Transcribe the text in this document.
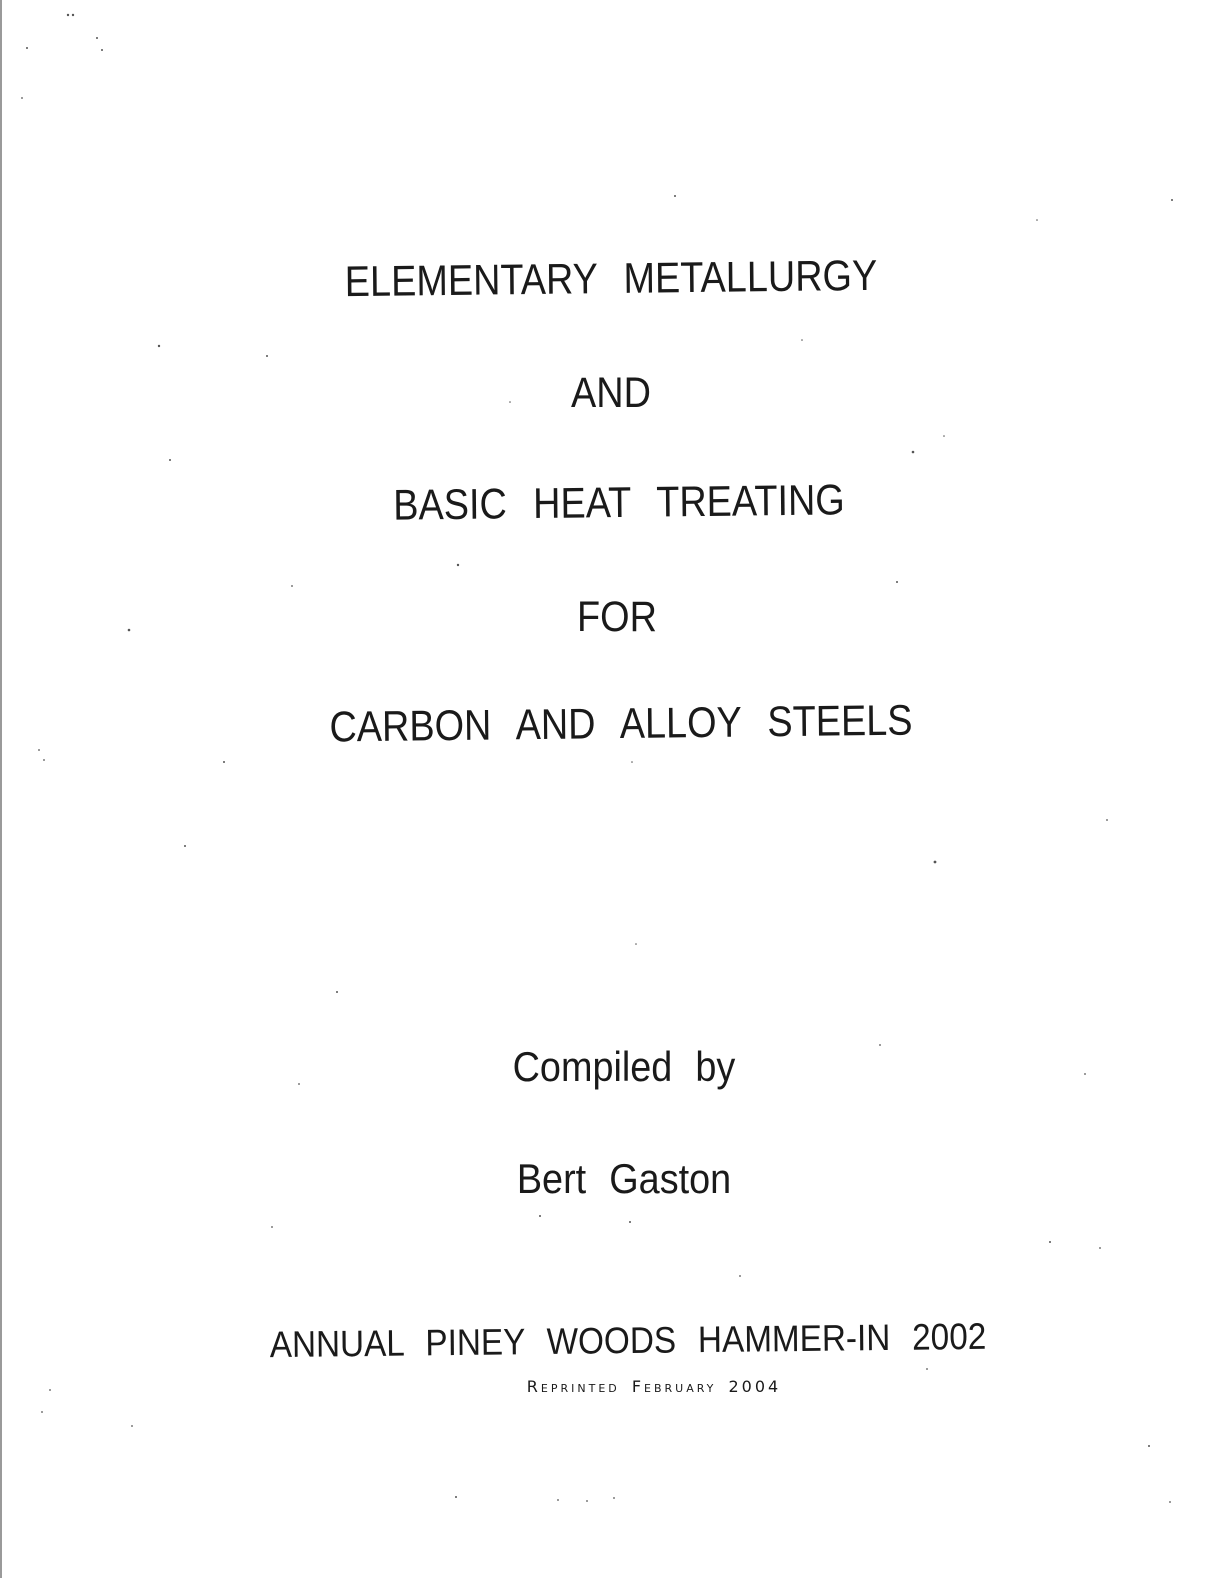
ELEMENTARY METALLURGY
AND
BASIC HEAT TREATING
FOR
CARBON AND ALLOY STEELS
Compiled by
Bert Gaston
ANNUAL PINEY WOODS HAMMER-IN 2002
Reprinted February 2004
